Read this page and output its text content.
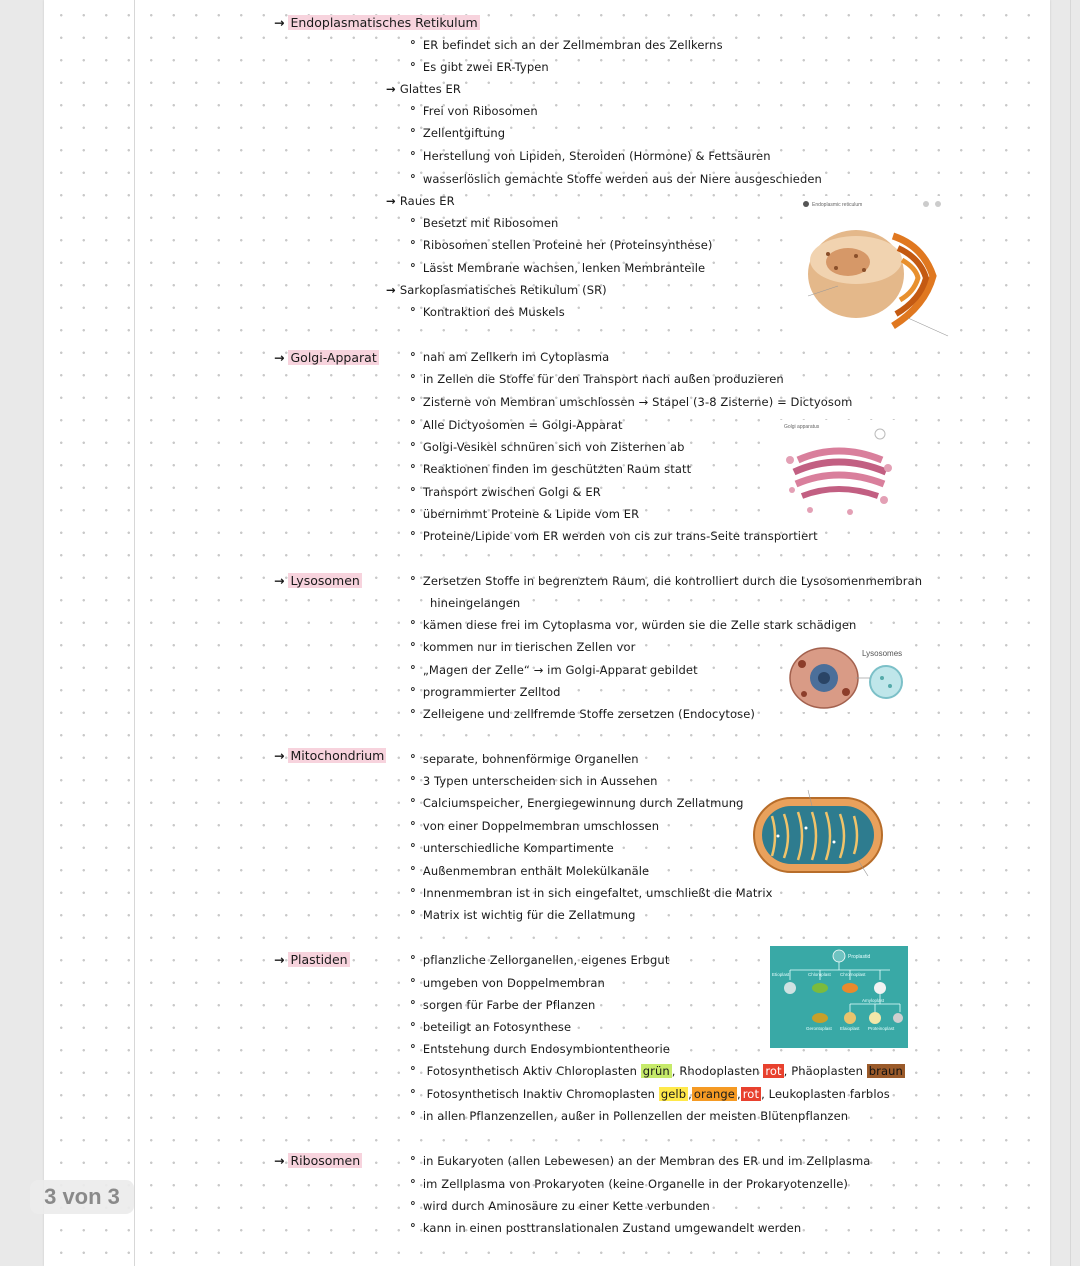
→ Endoplasmatisches Retikulum
° ER befindet sich an der Zellmembran des Zellkerns
° Es gibt zwei ER-Typen
→ Glattes ER
° Frei von Ribosomen
° Zellentgiftung
° Herstellung von Lipiden, Steroiden (Hormone) & Fettsäuren
° wasserlöslich gemachte Stoffe werden aus der Niere ausgeschieden
→ Raues ER
° Besetzt mit Ribosomen
° Ribosomen stellen Proteine her (Proteinsynthese)
° Lässt Membrane wachsen, lenken Membranteile
→ Sarkoplasmatisches Retikulum (SR)
° Kontraktion des Muskels
Endoplasmic reticulum
→ Golgi-Apparat	° nah am Zellkern im Cytoplasma
° in Zellen die Stoffe für den Transport nach außen produzieren
° Zisterne von Membran umschlossen → Stapel (3-8 Zisterne) = Dictyosom
° Alle Dictyosomen = Golgi-Apparat
° Golgi-Vesikel schnüren sich von Zisternen ab
° Reaktionen finden im geschützten Raum statt
° Transport zwischen Golgi & ER
° übernimmt Proteine & Lipide vom ER
° Proteine/Lipide vom ER werden von cis zur trans-Seite transportiert
Golgi apparatus
→ Lysosomen	° Zersetzen Stoffe in begrenztem Raum, die kontrolliert durch die Lysosomenmembran
hineingelangen
° kämen diese frei im Cytoplasma vor, würden sie die Zelle stark schädigen
° kommen nur in tierischen Zellen vor
° „Magen der Zelle“ → im Golgi-Apparat gebildet
° programmierter Zelltod
° Zelleigene und zellfremde Stoffe zersetzen (Endocytose)
Lysosomes
→ Mitochondrium	° separate, bohnenförmige Organellen
° 3 Typen unterscheiden sich in Aussehen
° Calciumspeicher, Energiegewinnung durch Zellatmung
° von einer Doppelmembran umschlossen
° unterschiedliche Kompartimente
° Außenmembran enthält Molekülkanäle
° Innenmembran ist in sich eingefaltet, umschließt die Matrix
° Matrix ist wichtig für die Zellatmung
→ Plastiden	° pflanzliche Zellorganellen, eigenes Erbgut
° umgeben von Doppelmembran
° sorgen für Farbe der Pflanzen
° beteiligt an Fotosynthese
° Entstehung durch Endosymbiontentheorie
° Fotosynthetisch Aktiv Chloroplasten grün , Rhodoplasten rot , Phäoplasten braun
° Fotosynthetisch Inaktiv Chromoplasten gelb , orange , rot , Leukoplasten farblos
° in allen Pflanzenzellen, außer in Pollenzellen der meisten Blütenpflanzen
Proplastid
Etioplast	Chloroplast Chromoplast
Amyloplast
Gerontoplast Elaioplast Proteinoplast
→ Ribosomen	° in Eukaryoten (allen Lebewesen) an der Membran des ER und im Zellplasma
° im Zellplasma von Prokaryoten (keine Organelle in der Prokaryotenzelle)
° wird durch Aminosäure zu einer Kette verbunden
° kann in einen posttranslationalen Zustand umgewandelt werden
3 von 3
